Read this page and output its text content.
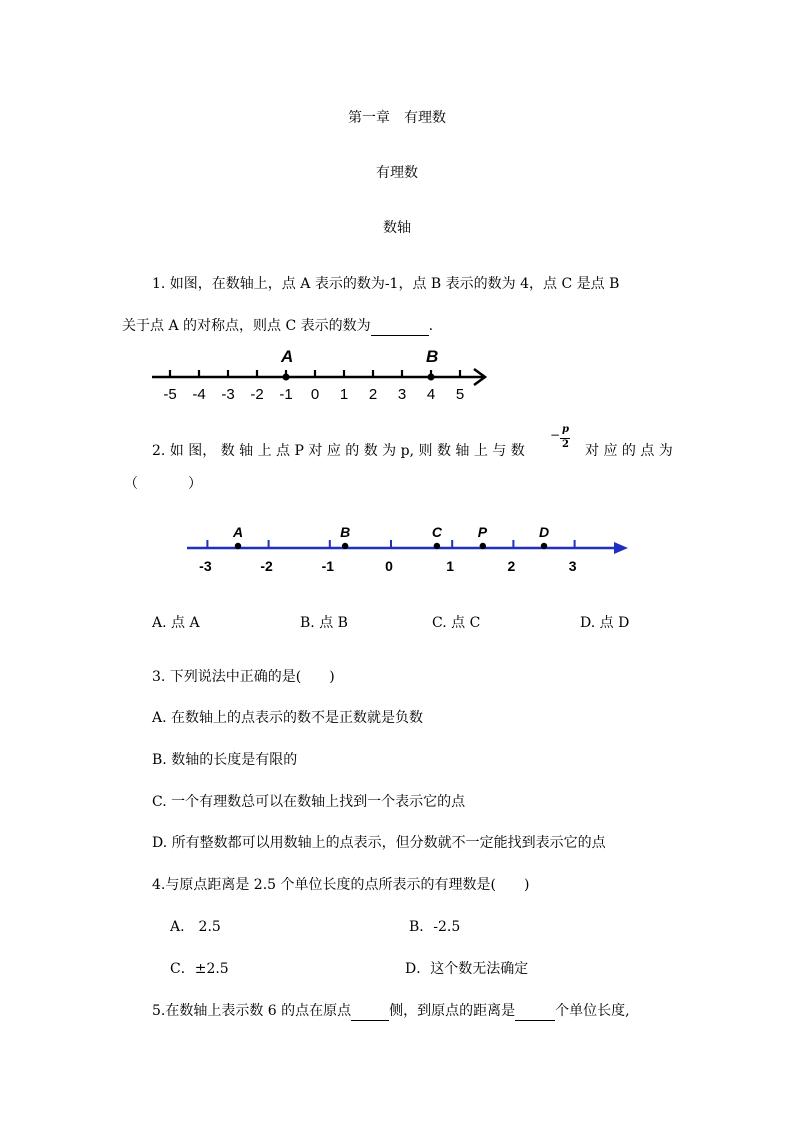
第一章　有理数
有理数
数轴
1. 如图，在数轴上，点 A 表示的数为-1，点 B 表示的数为 4，点 C 是点 B
关于点 A 的对称点，则点 C 表示的数为	.
-5 -4 -3 -2 -1 0 1 2 3 4 5
A	B
2. 如 图， 数 轴 上 点 P 对 应 的 数 为 p, 则 数 轴 上 与 数
− p
2 对 应 的 点 为
（	）
-3	-2	-1	0	1	2	3
A	B	C	P	D
A. 点 A	B. 点 B	C. 点 C	D. 点 D
3. 下列说法中正确的是(　　)
A. 在数轴上的点表示的数不是正数就是负数
B. 数轴的长度是有限的
C. 一个有理数总可以在数轴上找到一个表示它的点
D. 所有整数都可以用数轴上的点表示，但分数就不一定能找到表示它的点
4.与原点距离是 2.5 个单位长度的点所表示的有理数是(　　)
A.　2.5	B．-2.5
C．±2.5	D．这个数无法确定
5.在数轴上表示数 6 的点在原点	侧，到原点的距离是	个单位长度,
